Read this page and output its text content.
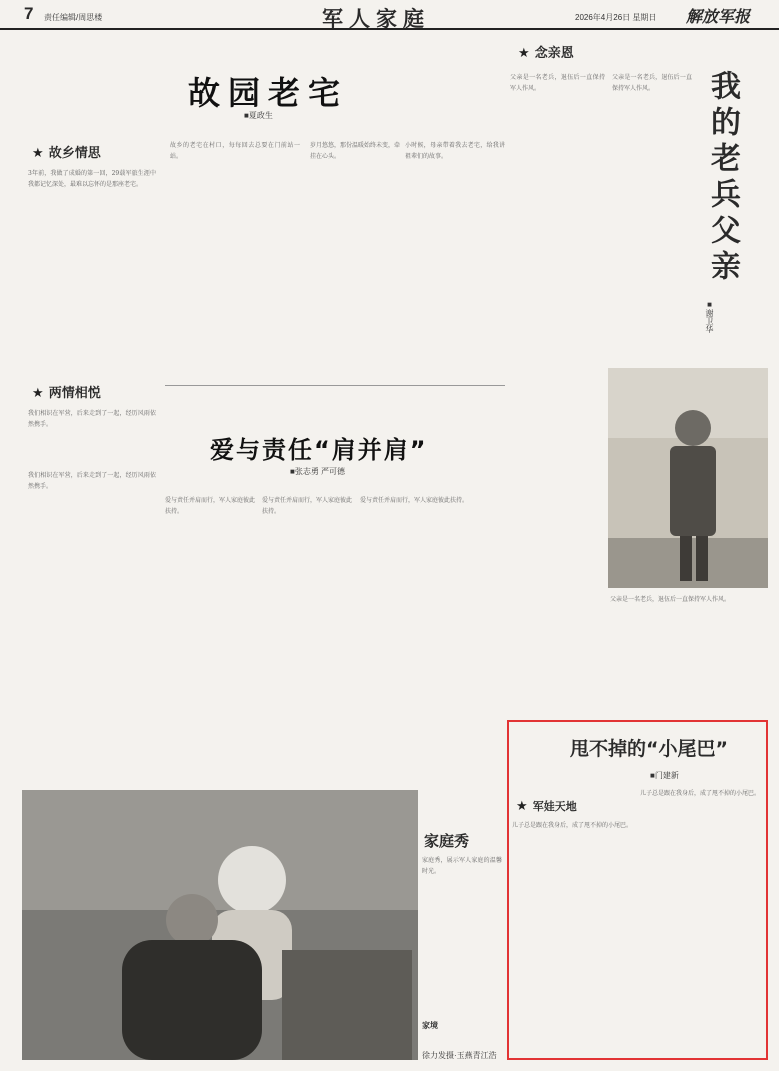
7 责任编辑/周思楼	军人家庭	2026年4月26日 星期日 解放军报
故园老宅
■夏政生
★ 故乡情思
3年前，我做了成婚的第一回，29载军旅生涯中我都记忆深处，最难以忘怀的是那座老宅。
★ 两情相悦
我们相识在军营，后来走到了一起，经历风雨依然携手。
故乡的老宅在村口，每每回去总要在门前站一站。
岁月悠悠，那份温暖始终未变，牵挂在心头。
小时候，母亲带着我去老宅，给我讲祖辈们的故事。
爱与责任“肩并肩”
■张志勇 严可德
我们相识在军营，后来走到了一起，经历风雨依然携手。
爱与责任并肩而行，军人家庭彼此扶持。
爱与责任并肩而行，军人家庭彼此扶持。
爱与责任并肩而行，军人家庭彼此扶持。
★ 念亲恩
我的老兵父亲
■谢卫华
父亲是一名老兵，退伍后一直保持军人作风。
父亲是一名老兵，退伍后一直保持军人作风。
父亲是一名老兵，退伍后一直保持军人作风。
甩不掉的“小尾巴”
■门建新
★ 军娃天地
儿子总是跟在我身后，成了甩不掉的小尾巴。
儿子总是跟在我身后，成了甩不掉的小尾巴。
家庭秀
家庭秀，展示军人家庭的温馨时光。
家境
徐力发摄·玉燕青江浩
